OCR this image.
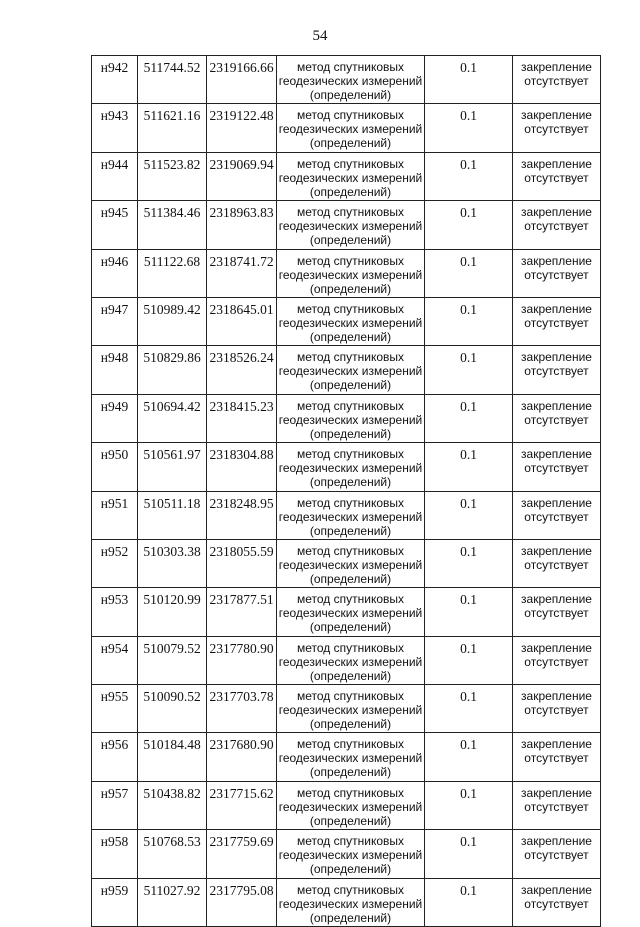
54
н942	511744.52	2319166.66	метод спутниковых
геодезических измерений
(определений)	0.1	закрепление
отсутствует

н943	511621.16	2319122.48	метод спутниковых
геодезических измерений
(определений)	0.1	закрепление
отсутствует

н944	511523.82	2319069.94	метод спутниковых
геодезических измерений
(определений)	0.1	закрепление
отсутствует

н945	511384.46	2318963.83	метод спутниковых
геодезических измерений
(определений)	0.1	закрепление
отсутствует

н946	511122.68	2318741.72	метод спутниковых
геодезических измерений
(определений)	0.1	закрепление
отсутствует

н947	510989.42	2318645.01	метод спутниковых
геодезических измерений
(определений)	0.1	закрепление
отсутствует

н948	510829.86	2318526.24	метод спутниковых
геодезических измерений
(определений)	0.1	закрепление
отсутствует

н949	510694.42	2318415.23	метод спутниковых
геодезических измерений
(определений)	0.1	закрепление
отсутствует

н950	510561.97	2318304.88	метод спутниковых
геодезических измерений
(определений)	0.1	закрепление
отсутствует

н951	510511.18	2318248.95	метод спутниковых
геодезических измерений
(определений)	0.1	закрепление
отсутствует

н952	510303.38	2318055.59	метод спутниковых
геодезических измерений
(определений)	0.1	закрепление
отсутствует

н953	510120.99	2317877.51	метод спутниковых
геодезических измерений
(определений)	0.1	закрепление
отсутствует

н954	510079.52	2317780.90	метод спутниковых
геодезических измерений
(определений)	0.1	закрепление
отсутствует

н955	510090.52	2317703.78	метод спутниковых
геодезических измерений
(определений)	0.1	закрепление
отсутствует

н956	510184.48	2317680.90	метод спутниковых
геодезических измерений
(определений)	0.1	закрепление
отсутствует

н957	510438.82	2317715.62	метод спутниковых
геодезических измерений
(определений)	0.1	закрепление
отсутствует

н958	510768.53	2317759.69	метод спутниковых
геодезических измерений
(определений)	0.1	закрепление
отсутствует

н959	511027.92	2317795.08	метод спутниковых
геодезических измерений
(определений)	0.1	закрепление
отсутствует
